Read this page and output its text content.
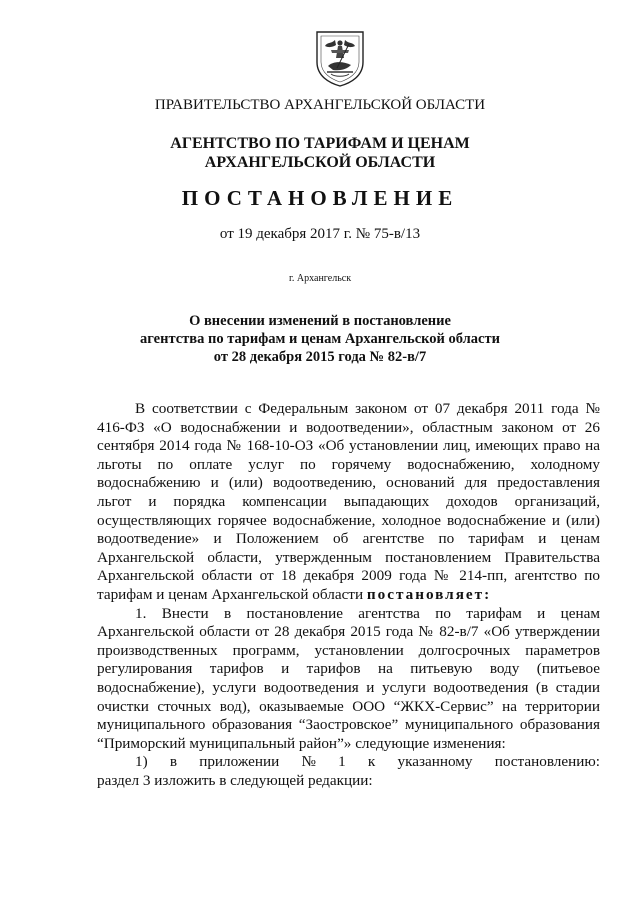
ПРАВИТЕЛЬСТВО АРХАНГЕЛЬСКОЙ ОБЛАСТИ
АГЕНТСТВО ПО ТАРИФАМ И ЦЕНАМ
АРХАНГЕЛЬСКОЙ ОБЛАСТИ
ПОСТАНОВЛЕНИЕ
от 19 декабря 2017 г. № 75-в/13
г. Архангельск
О внесении изменений в постановление
агентства по тарифам и ценам Архангельской области
от 28 декабря 2015 года № 82-в/7

В соответствии с Федеральным законом от 07 декабря 2011 года № 416-ФЗ «О водоснабжении и водоотведении», областным законом от 26 сентября 2014 года № 168-10-ОЗ «Об установлении лиц, имеющих право на льготы по оплате услуг по горячему водоснабжению, холодному водоснабжению и (или) водоотведению, оснований для предоставления льгот и порядка компенсации выпадающих доходов организаций, осуществляющих горячее водоснабжение, холодное водоснабжение и (или) водоотведение» и Положением об агентстве по тарифам и ценам Архангельской области, утвержденным постановлением Правительства Архангельской области от 18 декабря 2009 года № 214-пп, агентство по тарифам и ценам Архангельской области постановляет:

1. Внести в постановление агентства по тарифам и ценам Архангельской области от 28 декабря 2015 года № 82-в/7 «Об утверждении производственных программ, установлении долгосрочных параметров регулирования тарифов и тарифов на питьевую воду (питьевое водоснабжение), услуги водоотведения и услуги водоотведения (в стадии очистки сточных вод), оказываемые ООО “ЖКХ-Сервис” на территории муниципального образования “Заостровское” муниципального образования “Приморский муниципальный район”» следующие изменения:

1) в приложении № 1 к указанному постановлению:

раздел 3 изложить в следующей редакции:
